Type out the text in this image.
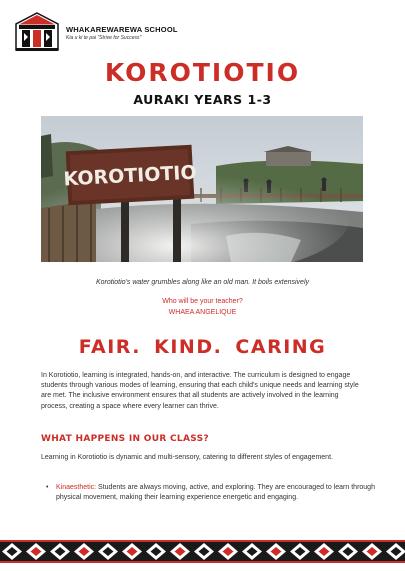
WHAKAREWAREWA SCHOOL
Kia u ki te pai "Strive for Success"
KOROTIOTIO
AURAKI YEARS 1-3
KOROTIOTIO
Korotiotio's water grumbles along like an old man. It boils extensively
Who will be your teacher?
WHAEA ANGELIQUE
FAIR. KIND. CARING
In Korotiotio, learning is integrated, hands-on, and interactive. The curriculum is designed to engage students through various modes of learning, ensuring that each child's unique needs and learning style are met. The inclusive environment ensures that all students are actively involved in the learning process, creating a space where every learner can thrive.
WHAT HAPPENS IN OUR CLASS?
Learning in Korotiotio is dynamic and multi-sensory, catering to different styles of engagement.
• Kinaesthetic: Students are always moving, active, and exploring. They are encouraged to learn through physical movement, making their learning experience energetic and engaging.
